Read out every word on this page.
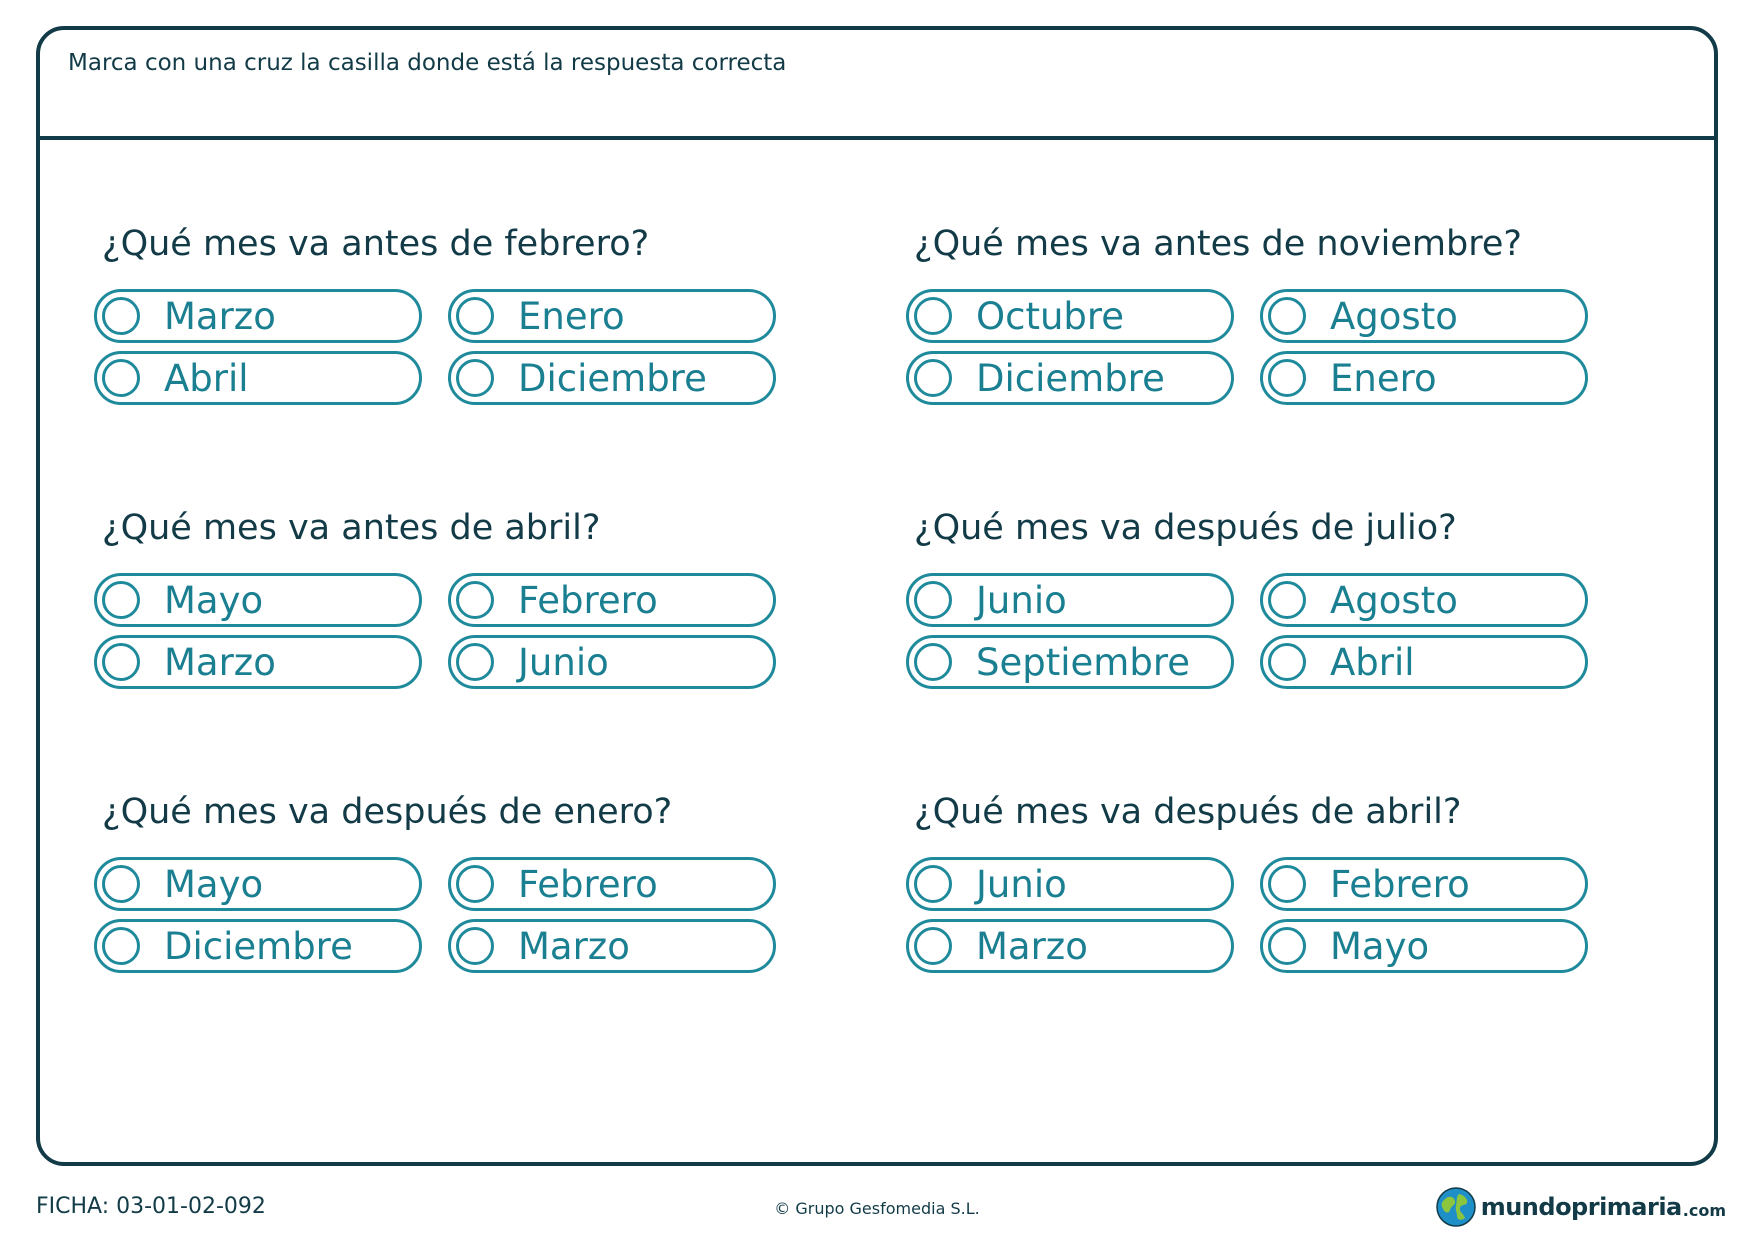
Marca con una cruz la casilla donde está la respuesta correcta
¿Qué mes va antes de febrero?
Marzo	Enero
Abril	Diciembre
¿Qué mes va antes de noviembre?
Octubre	Agosto
Diciembre	Enero
¿Qué mes va antes de abril?
Mayo	Febrero
Marzo	Junio
¿Qué mes va después de julio?
Junio	Agosto
Septiembre	Abril
¿Qué mes va después de enero?
Mayo	Febrero
Diciembre	Marzo
¿Qué mes va después de abril?
Junio	Febrero
Marzo	Mayo
FICHA: 03-01-02-092	© Grupo Gesfomedia S.L.	mundoprimaria .com
